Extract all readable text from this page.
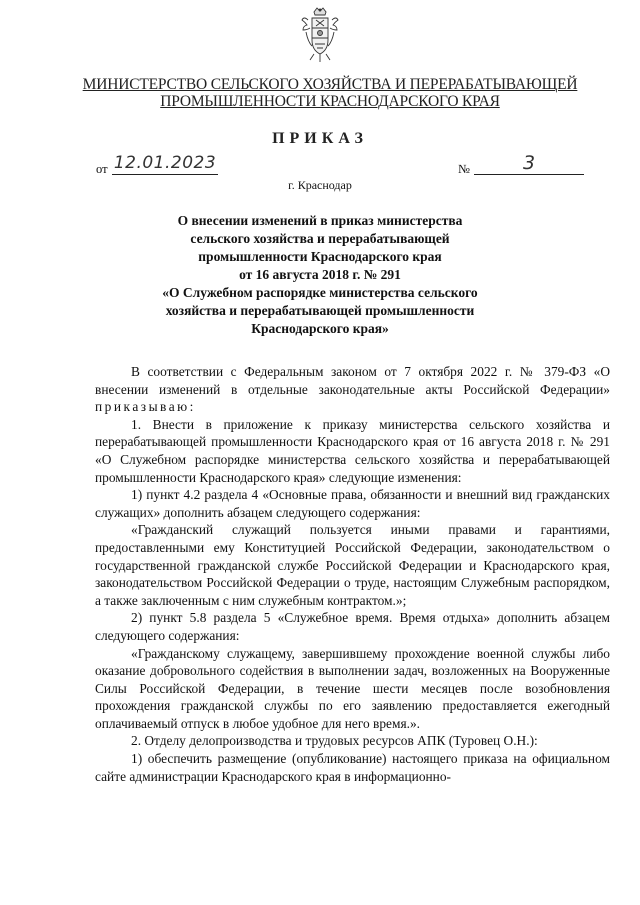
МИНИСТЕРСТВО СЕЛЬСКОГО ХОЗЯЙСТВА И ПЕРЕРАБАТЫВАЮЩЕЙ
ПРОМЫШЛЕННОСТИ КРАСНОДАРСКОГО КРАЯ
ПРИКАЗ
от 12.01.2023	№	3
г. Краснодар
О внесении изменений в приказ министерства
сельского хозяйства и перерабатывающей
промышленности Краснодарского края
от 16 августа 2018 г. № 291
«О Служебном распорядке министерства сельского
хозяйства и перерабатывающей промышленности
Краснодарского края»

В соответствии с Федеральным законом от 7 октября 2022 г. № 379-ФЗ «О внесении изменений в отдельные законодательные акты Российской Федерации» приказываю:

1. Внести в приложение к приказу министерства сельского хозяйства и перерабатывающей промышленности Краснодарского края от 16 августа 2018 г. № 291 «О Служебном распорядке министерства сельского хозяйства и перерабатывающей промышленности Краснодарского края» следующие изменения:

1) пункт 4.2 раздела 4 «Основные права, обязанности и внешний вид гражданских служащих» дополнить абзацем следующего содержания:

«Гражданский служащий пользуется иными правами и гарантиями, предоставленными ему Конституцией Российской Федерации, законодательством о государственной гражданской службе Российской Федерации и Краснодарского края, законодательством Российской Федерации о труде, настоящим Служебным распорядком, а также заключенным с ним служебным контрактом.»;

2) пункт 5.8 раздела 5 «Служебное время. Время отдыха» дополнить абзацем следующего содержания:

«Гражданскому служащему, завершившему прохождение военной службы либо оказание добровольного содействия в выполнении задач, возложенных на Вооруженные Силы Российской Федерации, в течение шести месяцев после возобновления прохождения гражданской службы по его заявлению предоставляется ежегодный оплачиваемый отпуск в любое удобное для него время.».

2. Отделу делопроизводства и трудовых ресурсов АПК (Туровец О.Н.):

1) обеспечить размещение (опубликование) настоящего приказа на официальном сайте администрации Краснодарского края в информационно-
